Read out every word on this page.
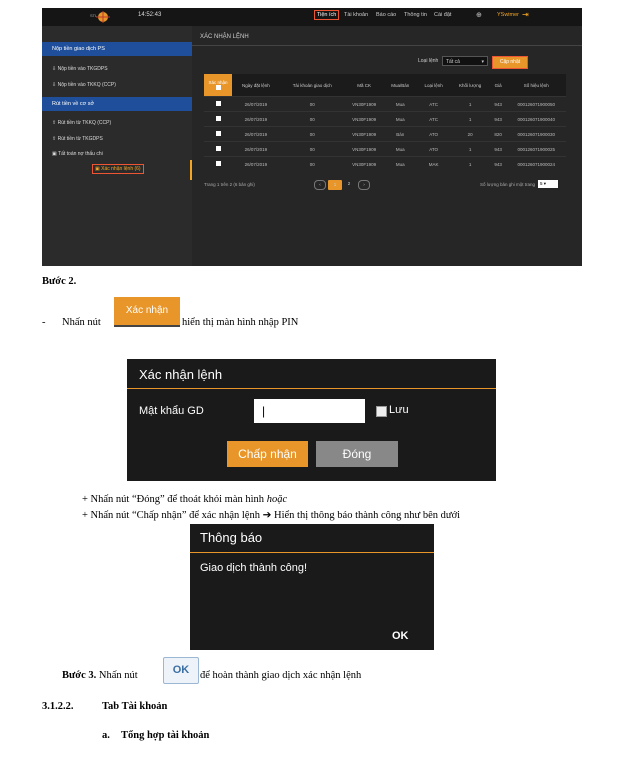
STL	14:52:43	Tiện ích	Tài khoản Báo cáo Thông tin Cài đặt	⊕	YSwimer ⇥
Nộp tiền giao dịch PS
⇩ Nộp tiền vào TKGDPS
⇩ Nộp tiền vào TKKQ (CCP)
Rút tiền về cơ sở
⇧ Rút tiền từ TKKQ (CCP)
⇧ Rút tiền từ TKGDPS
▣ Tất toán nợ thấu chi
▣ Xác nhận lệnh (6)
XÁC NHẬN LỆNH
Loại lệnh	Tất cả	▾	Cập nhật
Xác nhận	Ngày đặt lệnh	Tài khoản giao dịch	Mã CK	Mua/Bán	Loại lệnh	Khối lượng	Giá	Số hiệu lệnh
	26/07/2019	00	VN30F1909	Mua	ATC	1	943	000126071900050
	26/07/2019	00	VN30F1909	Mua	ATC	1	943	000126071900040
	26/07/2019	00	VN30F1909	Bán	ATO	20	820	000126071900030
	26/07/2019	00	VN30F1909	Mua	ATO	1	943	000126071900025
	26/07/2019	00	VN30F1909	Mua	MAK	1	943	000126071900024
Trang 1 trên 2 (6 bản ghi)	‹	1	2	›	Số lượng bản ghi một trang	5 ▾
Bước 2.
- Nhấn nút
Xác nhận
hiển thị màn hình nhập PIN
Xác nhận lệnh
Mật khẩu GD	|	Lưu
Chấp nhận	Đóng
+ Nhấn nút “Đóng” để thoát khỏi màn hình hoặc
+ Nhấn nút “Chấp nhận” để xác nhận lệnh ➔ Hiển thị thông báo thành công như bên dưới
Thông báo
Giao dịch thành công!
OK
Bước 3. Nhấn nút	OK	để hoàn thành giao dịch xác nhận lệnh
3.1.2.2.	Tab Tài khoản
a. Tổng hợp tài khoản
